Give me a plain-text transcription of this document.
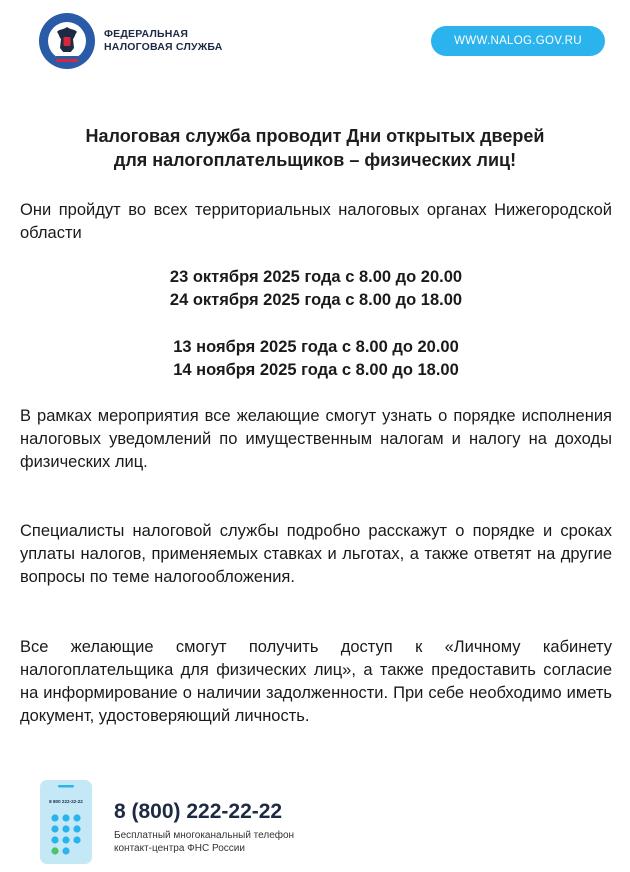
ФЕДЕРАЛЬНАЯ
НАЛОГОВАЯ СЛУЖБА	WWW.NALOG.GOV.RU
Налоговая служба проводит Дни открытых дверей
для налогоплательщиков – физических лиц!
Они пройдут во всех территориальных налоговых органах Нижегородской области
23 октября 2025 года с 8.00 до 20.00
24 октября 2025 года с 8.00 до 18.00
13 ноября 2025 года с 8.00 до 20.00
14 ноября 2025 года с 8.00 до 18.00
В рамках мероприятия все желающие смогут узнать о порядке исполнения налоговых уведомлений по имущественным налогам и налогу на доходы физических лиц.
Специалисты налоговой службы подробно расскажут о порядке и сроках уплаты налогов, применяемых ставках и льготах, а также ответят на другие вопросы по теме налогообложения.
Все желающие смогут получить доступ к «Личному кабинету налогоплательщика для физических лиц», а также предоставить согласие на информирование о наличии задолженности. При себе необходимо иметь документ, удостоверяющий личность.
8 800 222-22-22 8 (800) 222-22-22
Бесплатный многоканальный телефон
контакт-центра ФНС России
